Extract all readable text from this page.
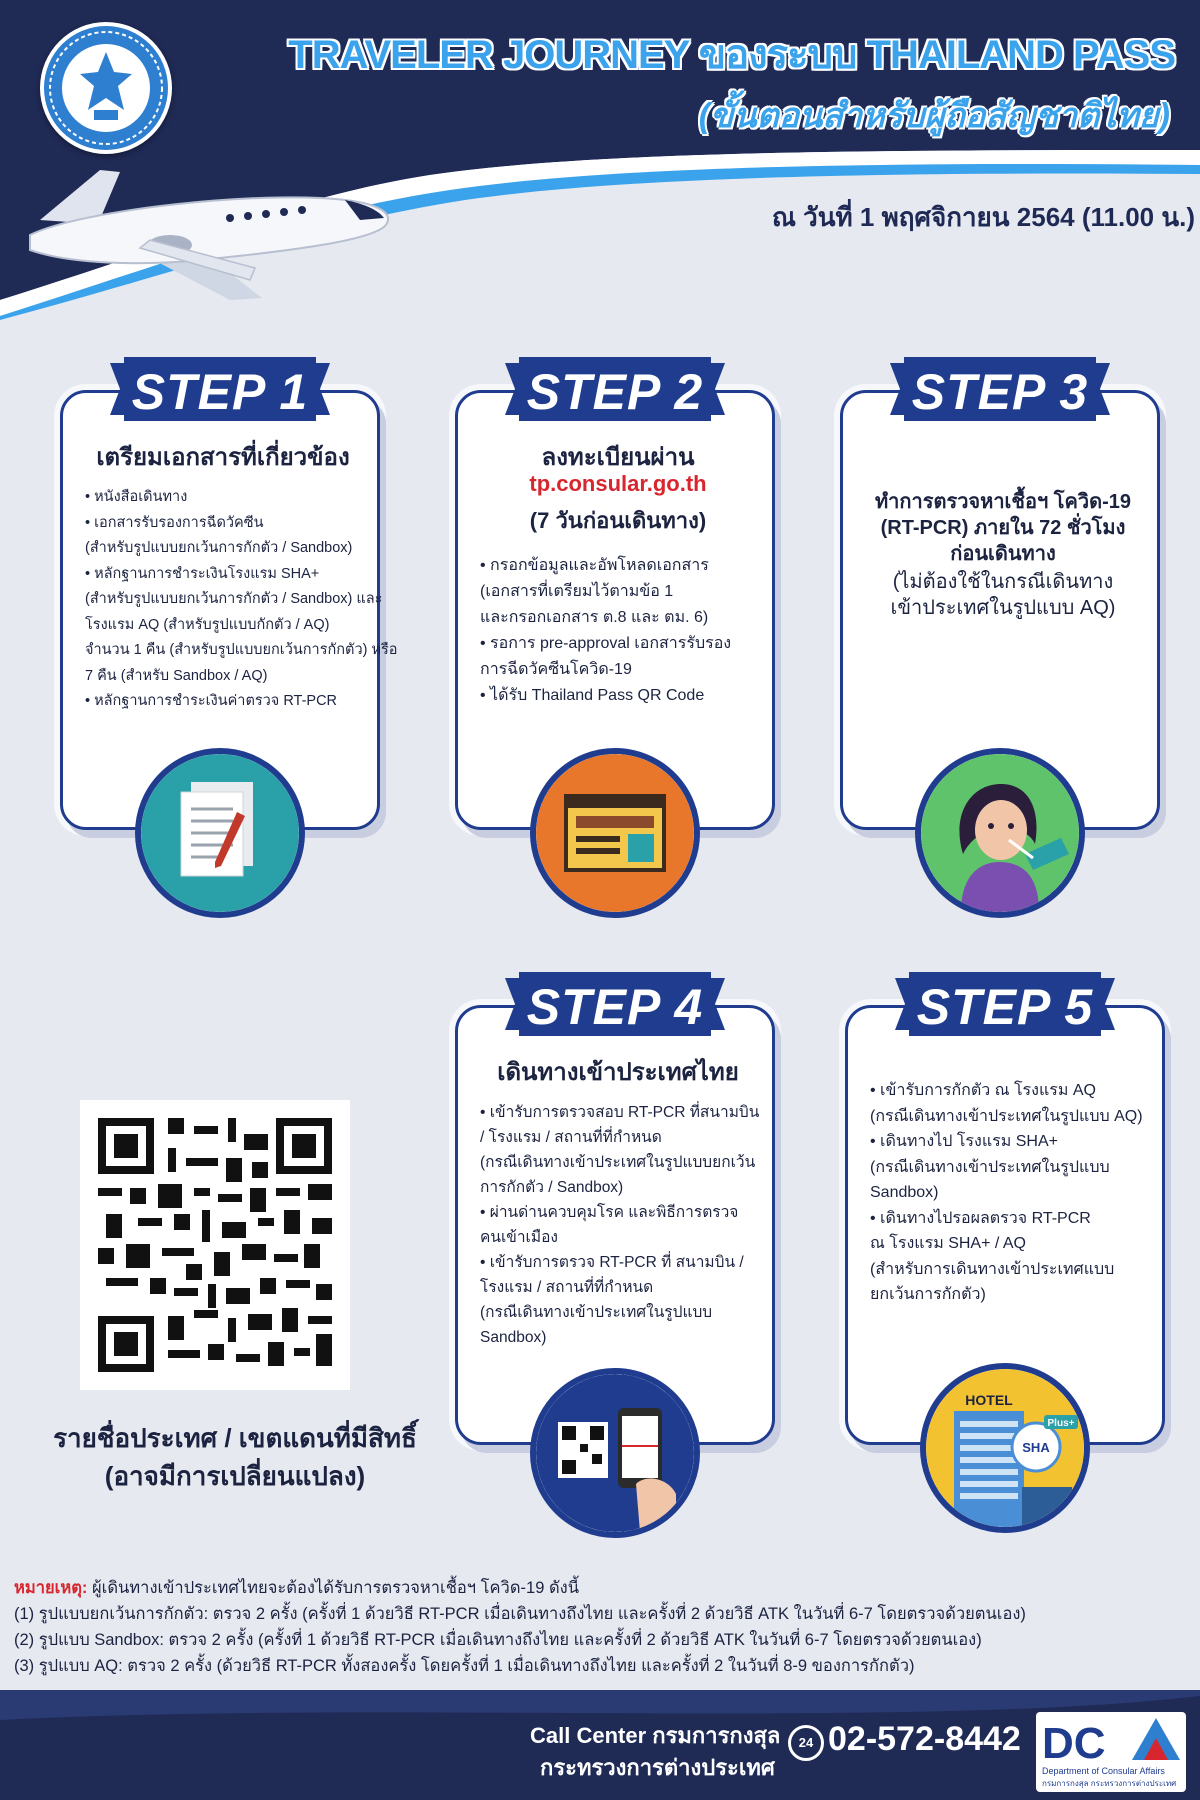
TRAVELER JOURNEY ของระบบ THAILAND PASS
(ขั้นตอนสำหรับผู้ถือสัญชาติไทย)
ณ วันที่ 1 พฤศจิกายน 2564 (11.00 น.)
STEP 1
เตรียมเอกสารที่เกี่ยวข้อง
• หนังสือเดินทาง
• เอกสารรับรองการฉีดวัคซีน
(สำหรับรูปแบบยกเว้นการกักตัว / Sandbox)
• หลักฐานการชำระเงินโรงแรม SHA+
(สำหรับรูปแบบยกเว้นการกักตัว / Sandbox) และ
โรงแรม AQ (สำหรับรูปแบบกักตัว / AQ)
จำนวน 1 คืน (สำหรับรูปแบบยกเว้นการกักตัว) หรือ
7 คืน (สำหรับ Sandbox / AQ)
• หลักฐานการชำระเงินค่าตรวจ RT-PCR
STEP 2
ลงทะเบียนผ่าน
tp.consular.go.th
(7 วันก่อนเดินทาง)
• กรอกข้อมูลและอัพโหลดเอกสาร
(เอกสารที่เตรียมไว้ตามข้อ 1
และกรอกเอกสาร ต.8 และ ตม. 6)
• รอการ pre-approval เอกสารรับรอง
การฉีดวัคซีนโควิด-19
• ได้รับ Thailand Pass QR Code
STEP 3
ทำการตรวจหาเชื้อฯ โควิด-19
(RT-PCR) ภายใน 72 ชั่วโมง
ก่อนเดินทาง
(ไม่ต้องใช้ในกรณีเดินทาง
เข้าประเทศในรูปแบบ AQ)
รายชื่อประเทศ / เขตแดนที่มีสิทธิ์
(อาจมีการเปลี่ยนแปลง)
STEP 4
เดินทางเข้าประเทศไทย
• เข้ารับการตรวจสอบ RT-PCR ที่สนามบิน
/ โรงแรม / สถานที่ที่กำหนด
(กรณีเดินทางเข้าประเทศในรูปแบบยกเว้น
การกักตัว / Sandbox)
• ผ่านด่านควบคุมโรค และพิธีการตรวจ
คนเข้าเมือง
• เข้ารับการตรวจ RT-PCR ที่ สนามบิน /
โรงแรม / สถานที่ที่กำหนด
(กรณีเดินทางเข้าประเทศในรูปแบบ
Sandbox)
STEP 5
• เข้ารับการกักตัว ณ โรงแรม AQ
(กรณีเดินทางเข้าประเทศในรูปแบบ AQ)
• เดินทางไป โรงแรม SHA+
(กรณีเดินทางเข้าประเทศในรูปแบบ
Sandbox)
• เดินทางไปรอผลตรวจ RT-PCR
ณ โรงแรม SHA+ / AQ
(สำหรับการเดินทางเข้าประเทศแบบ
ยกเว้นการกักตัว)
HOTEL
SHA
Plus+
หมายเหตุ: ผู้เดินทางเข้าประเทศไทยจะต้องได้รับการตรวจหาเชื้อฯ โควิด-19 ดังนี้
(1) รูปแบบยกเว้นการกักตัว: ตรวจ 2 ครั้ง (ครั้งที่ 1 ด้วยวิธี RT-PCR เมื่อเดินทางถึงไทย และครั้งที่ 2 ด้วยวิธี ATK ในวันที่ 6-7 โดยตรวจด้วยตนเอง)
(2) รูปแบบ Sandbox: ตรวจ 2 ครั้ง (ครั้งที่ 1 ด้วยวิธี RT-PCR เมื่อเดินทางถึงไทย และครั้งที่ 2 ด้วยวิธี ATK ในวันที่ 6-7 โดยตรวจด้วยตนเอง)
(3) รูปแบบ AQ: ตรวจ 2 ครั้ง (ด้วยวิธี RT-PCR ทั้งสองครั้ง โดยครั้งที่ 1 เมื่อเดินทางถึงไทย และครั้งที่ 2 ในวันที่ 8-9 ของการกักตัว)
Call Center กรมการกงสุล
กระทรวงการต่างประเทศ
24 02-572-8442 DC
Department of Consular Affairs
กรมการกงสุล กระทรวงการต่างประเทศ
